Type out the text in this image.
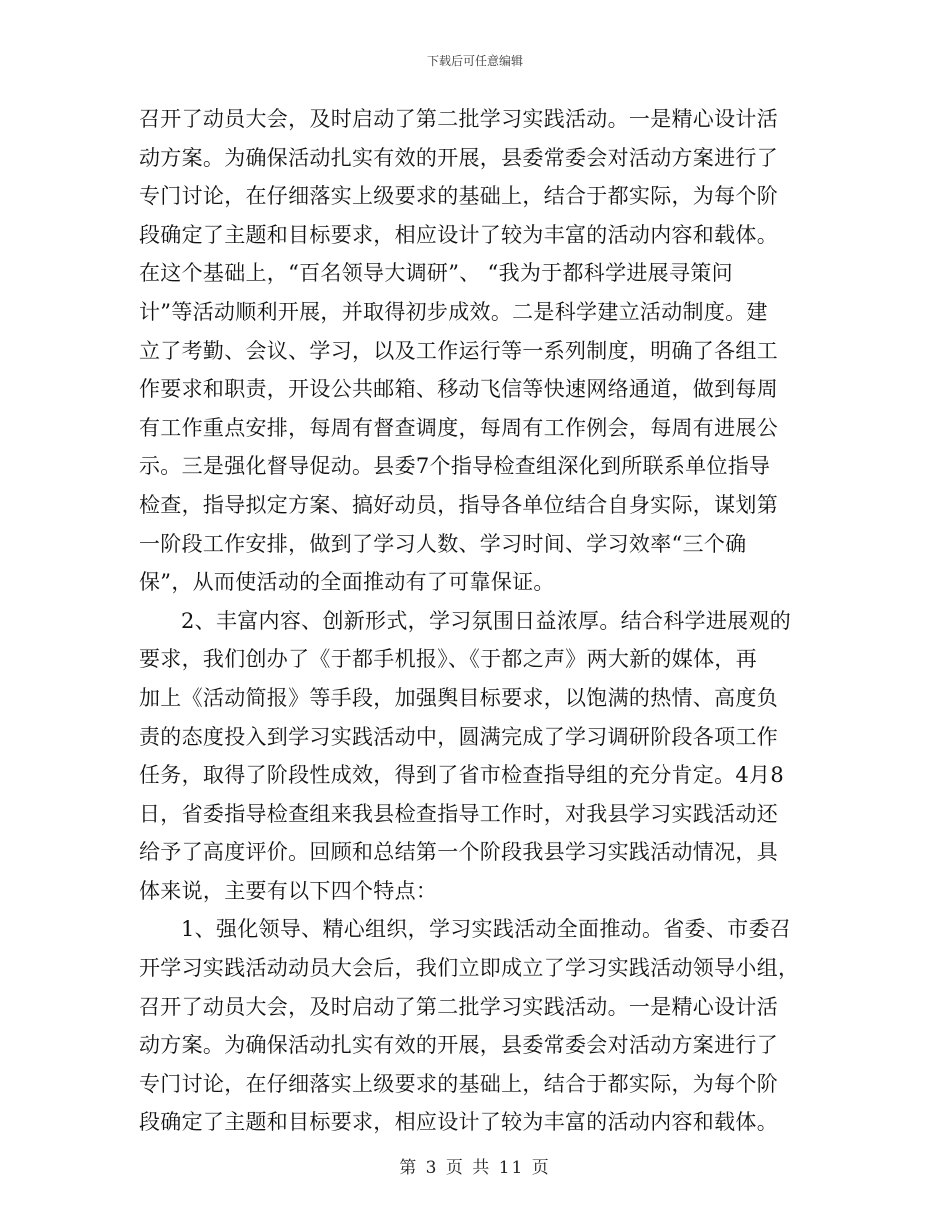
下载后可任意编辑
召开了动员大会，及时启动了第二批学习实践活动。一是精心设计活
动方案。为确保活动扎实有效的开展，县委常委会对活动方案进行了
专门讨论，在仔细落实上级要求的基础上，结合于都实际，为每个阶
段确定了主题和目标要求，相应设计了较为丰富的活动内容和载体。
在这个基础上，“百名领导大调研”、 “我为于都科学进展寻策问
计”等活动顺利开展，并取得初步成效。二是科学建立活动制度。建
立了考勤、会议、学习，以及工作运行等一系列制度，明确了各组工
作要求和职责，开设公共邮箱、移动飞信等快速网络通道，做到每周
有工作重点安排，每周有督查调度，每周有工作例会，每周有进展公
示。三是强化督导促动。县委7个指导检查组深化到所联系单位指导
检查，指导拟定方案、搞好动员，指导各单位结合自身实际，谋划第
一阶段工作安排，做到了学习人数、学习时间、学习效率“三个确
保”，从而使活动的全面推动有了可靠保证。
2、丰富内容、创新形式，学习氛围日益浓厚。结合科学进展观的
要求，我们创办了《于都手机报》、《于都之声》两大新的媒体，再
加上《活动简报》等手段，加强舆目标要求，以饱满的热情、高度负
责的态度投入到学习实践活动中，圆满完成了学习调研阶段各项工作
任务，取得了阶段性成效，得到了省市检查指导组的充分肯定。4月8
日，省委指导检查组来我县检查指导工作时，对我县学习实践活动还
给予了高度评价。回顾和总结第一个阶段我县学习实践活动情况，具
体来说，主要有以下四个特点：
1、强化领导、精心组织，学习实践活动全面推动。省委、市委召
开学习实践活动动员大会后，我们立即成立了学习实践活动领导小组，
召开了动员大会，及时启动了第二批学习实践活动。一是精心设计活
动方案。为确保活动扎实有效的开展，县委常委会对活动方案进行了
专门讨论，在仔细落实上级要求的基础上，结合于都实际，为每个阶
段确定了主题和目标要求，相应设计了较为丰富的活动内容和载体。
第 3 页 共 11 页
